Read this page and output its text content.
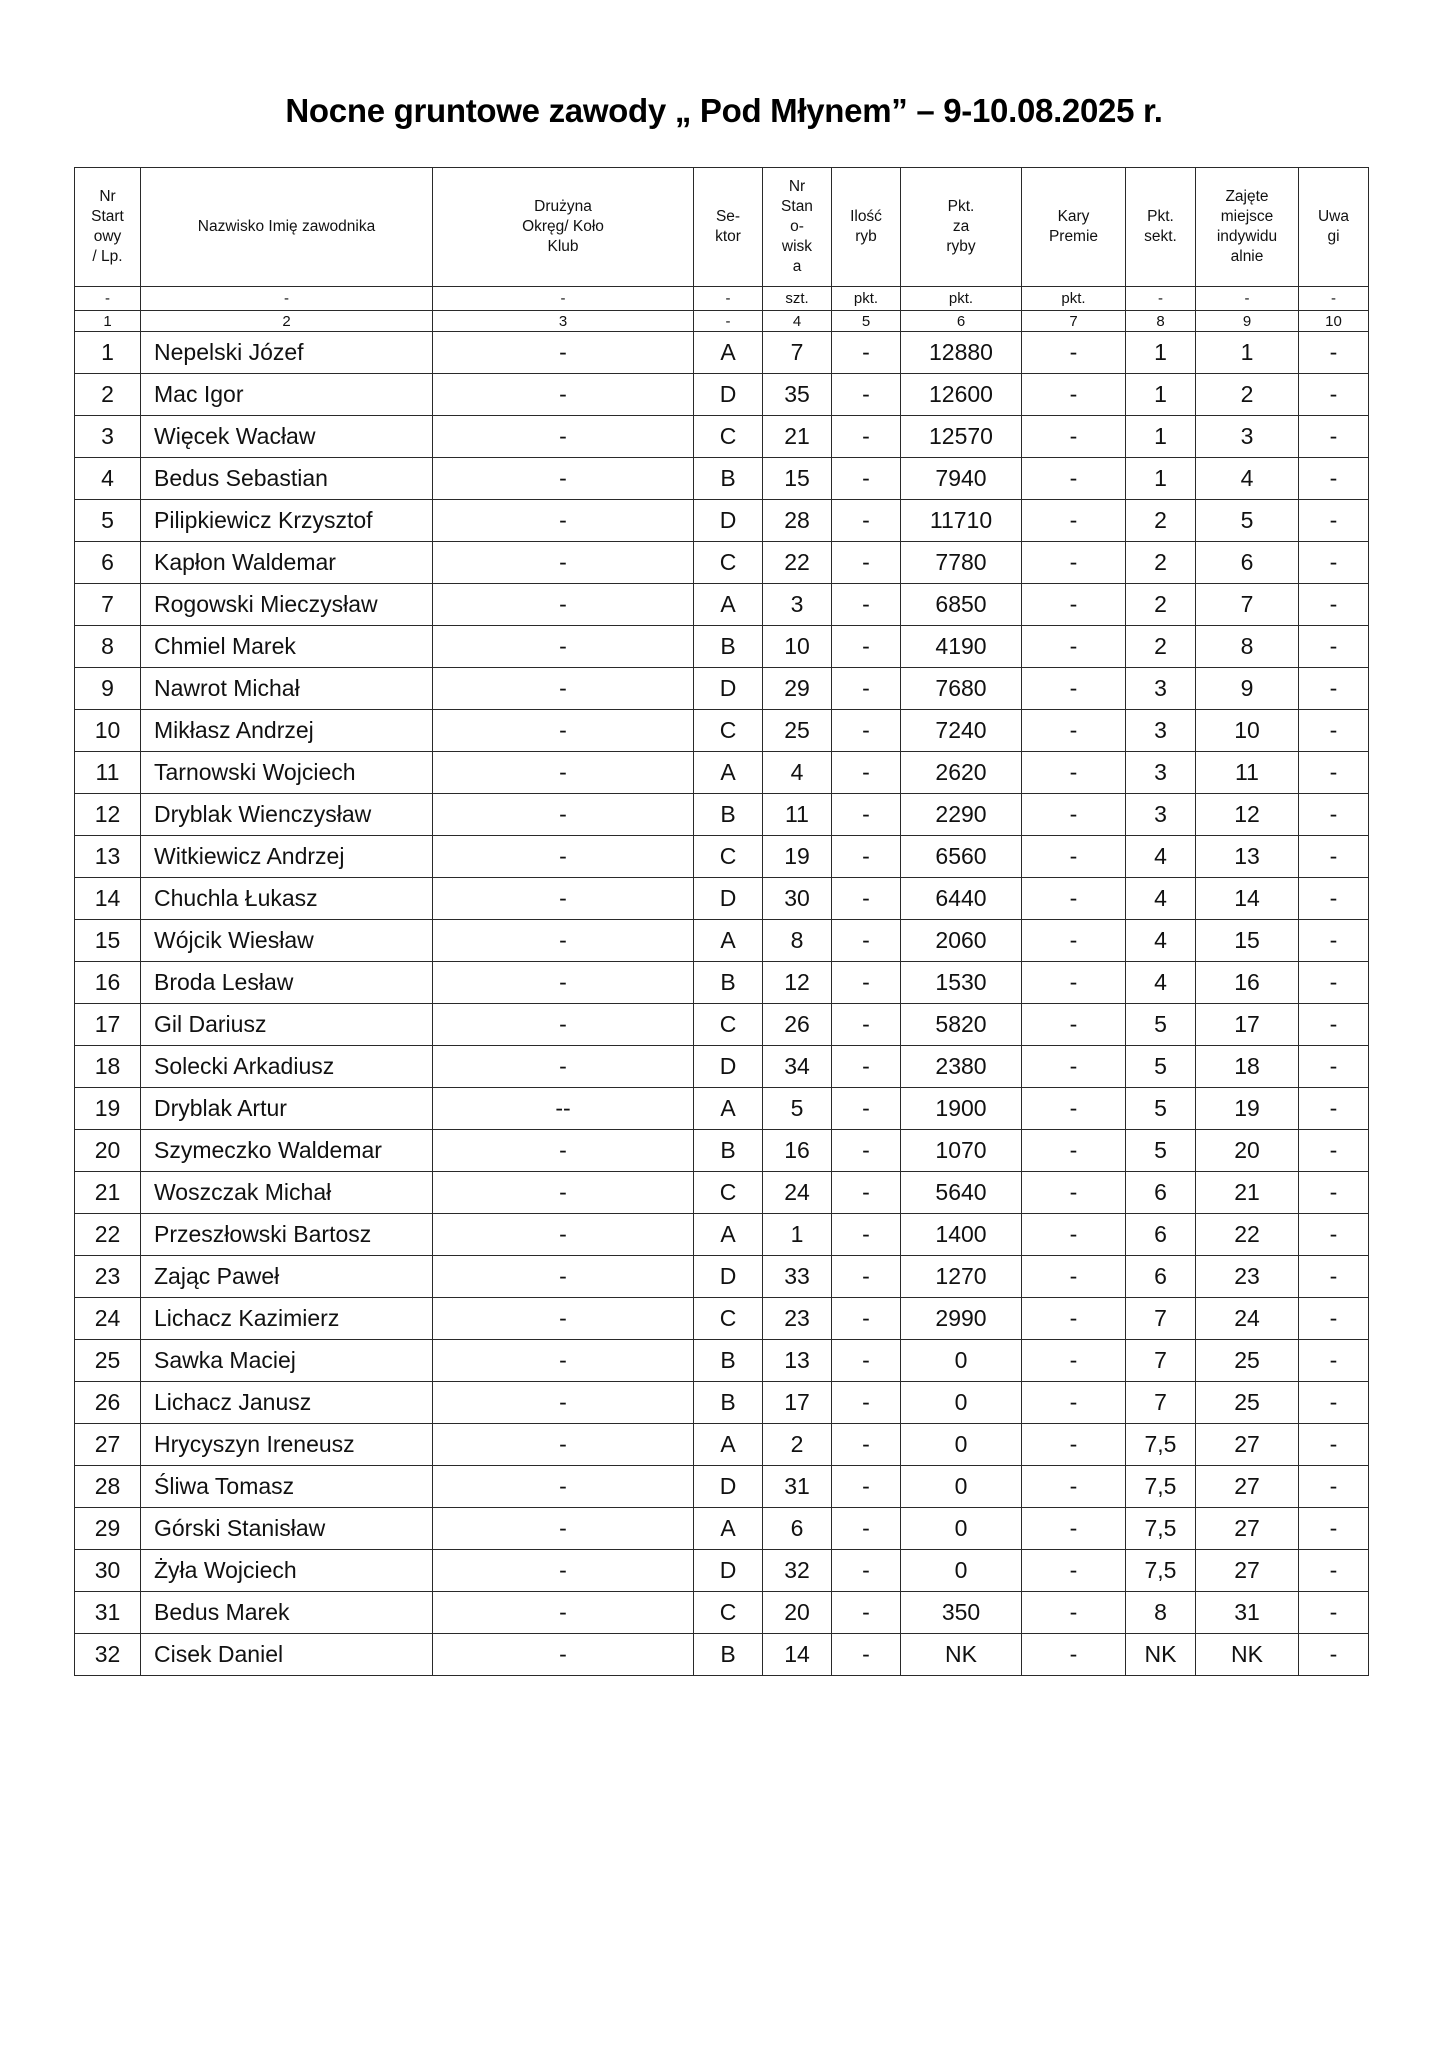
Nocne gruntowe zawody „ Pod Młynem” – 9-10.08.2025 r.
Nr
Start
owy
/ Lp.	Nazwisko Imię zawodnika	Drużyna
Okręg/ Koło
Klub	Se-
ktor	Nr
Stan
o-
wisk
a	Ilość
ryb	Pkt.
za
ryby	Kary
Premie	Pkt.
sekt.	Zajęte
miejsce
indywidu
alnie	Uwa
gi

-	-	-	-	szt.	pkt.	pkt.	pkt.	-	-	-
1	2	3	-	4	5	6	7	8	9	10
1	Nepelski Józef	-	A	7	-	12880	-	1	1	-
2	Mac Igor	-	D	35	-	12600	-	1	2	-
3	Więcek Wacław	-	C	21	-	12570	-	1	3	-
4	Bedus Sebastian	-	B	15	-	7940	-	1	4	-
5	Pilipkiewicz Krzysztof	-	D	28	-	11710	-	2	5	-
6	Kapłon Waldemar	-	C	22	-	7780	-	2	6	-
7	Rogowski Mieczysław	-	A	3	-	6850	-	2	7	-
8	Chmiel Marek	-	B	10	-	4190	-	2	8	-
9	Nawrot Michał	-	D	29	-	7680	-	3	9	-
10	Mikłasz Andrzej	-	C	25	-	7240	-	3	10	-
11	Tarnowski Wojciech	-	A	4	-	2620	-	3	11	-
12	Dryblak Wienczysław	-	B	11	-	2290	-	3	12	-
13	Witkiewicz Andrzej	-	C	19	-	6560	-	4	13	-
14	Chuchla Łukasz	-	D	30	-	6440	-	4	14	-
15	Wójcik Wiesław	-	A	8	-	2060	-	4	15	-
16	Broda Lesław	-	B	12	-	1530	-	4	16	-
17	Gil Dariusz	-	C	26	-	5820	-	5	17	-
18	Solecki Arkadiusz	-	D	34	-	2380	-	5	18	-
19	Dryblak Artur	--	A	5	-	1900	-	5	19	-
20	Szymeczko Waldemar	-	B	16	-	1070	-	5	20	-
21	Woszczak Michał	-	C	24	-	5640	-	6	21	-
22	Przeszłowski Bartosz	-	A	1	-	1400	-	6	22	-
23	Zając Paweł	-	D	33	-	1270	-	6	23	-
24	Lichacz Kazimierz	-	C	23	-	2990	-	7	24	-
25	Sawka Maciej	-	B	13	-	0	-	7	25	-
26	Lichacz Janusz	-	B	17	-	0	-	7	25	-
27	Hrycyszyn Ireneusz	-	A	2	-	0	-	7,5	27	-
28	Śliwa Tomasz	-	D	31	-	0	-	7,5	27	-
29	Górski Stanisław	-	A	6	-	0	-	7,5	27	-
30	Żyła Wojciech	-	D	32	-	0	-	7,5	27	-
31	Bedus Marek	-	C	20	-	350	-	8	31	-
32	Cisek Daniel	-	B	14	-	NK	-	NK	NK	-
